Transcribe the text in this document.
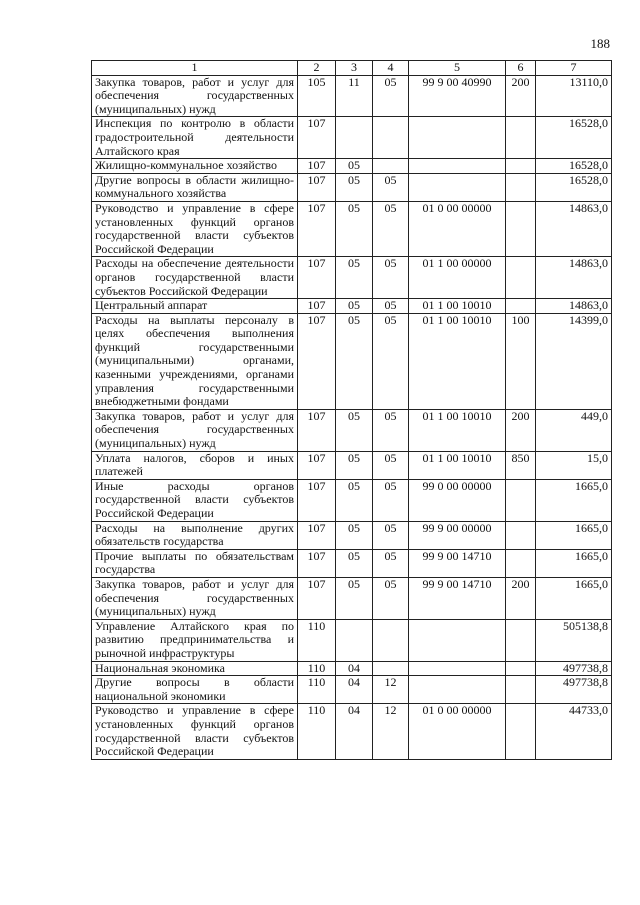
188
1	2	3	4	5	6	7
Закупка товаров, работ и услуг для обеспечения государственных (муниципальных) нужд	105	11	05	99 9 00 40990	200	13110,0
Инспекция по контролю в области градостроительной деятельности Алтайского края	107					16528,0
Жилищно-коммунальное хозяйство	107	05				16528,0
Другие вопросы в области жилищно-коммунального хозяйства	107	05	05			16528,0
Руководство и управление в сфере установленных функций органов государственной власти субъектов Российской Федерации	107	05	05	01 0 00 00000		14863,0
Расходы на обеспечение деятельности органов государственной власти субъектов Российской Федерации	107	05	05	01 1 00 00000		14863,0
Центральный аппарат	107	05	05	01 1 00 10010		14863,0
Расходы на выплаты персоналу в целях обеспечения выполнения функций государственными (муниципальными) органами, казенными учреждениями, органами управления государственными внебюджетными фондами	107	05	05	01 1 00 10010	100	14399,0
Закупка товаров, работ и услуг для обеспечения государственных (муниципальных) нужд	107	05	05	01 1 00 10010	200	449,0
Уплата налогов, сборов и иных платежей	107	05	05	01 1 00 10010	850	15,0
Иные расходы органов государственной власти субъектов Российской Федерации	107	05	05	99 0 00 00000		1665,0
Расходы на выполнение других обязательств государства	107	05	05	99 9 00 00000		1665,0
Прочие выплаты по обязательствам государства	107	05	05	99 9 00 14710		1665,0
Закупка товаров, работ и услуг для обеспечения государственных (муниципальных) нужд	107	05	05	99 9 00 14710	200	1665,0
Управление Алтайского края по развитию предпринимательства и рыночной инфраструктуры	110					505138,8
Национальная экономика	110	04				497738,8
Другие вопросы в области национальной экономики	110	04	12			497738,8
Руководство и управление в сфере установленных функций органов государственной власти субъектов Российской Федерации	110	04	12	01 0 00 00000		44733,0
